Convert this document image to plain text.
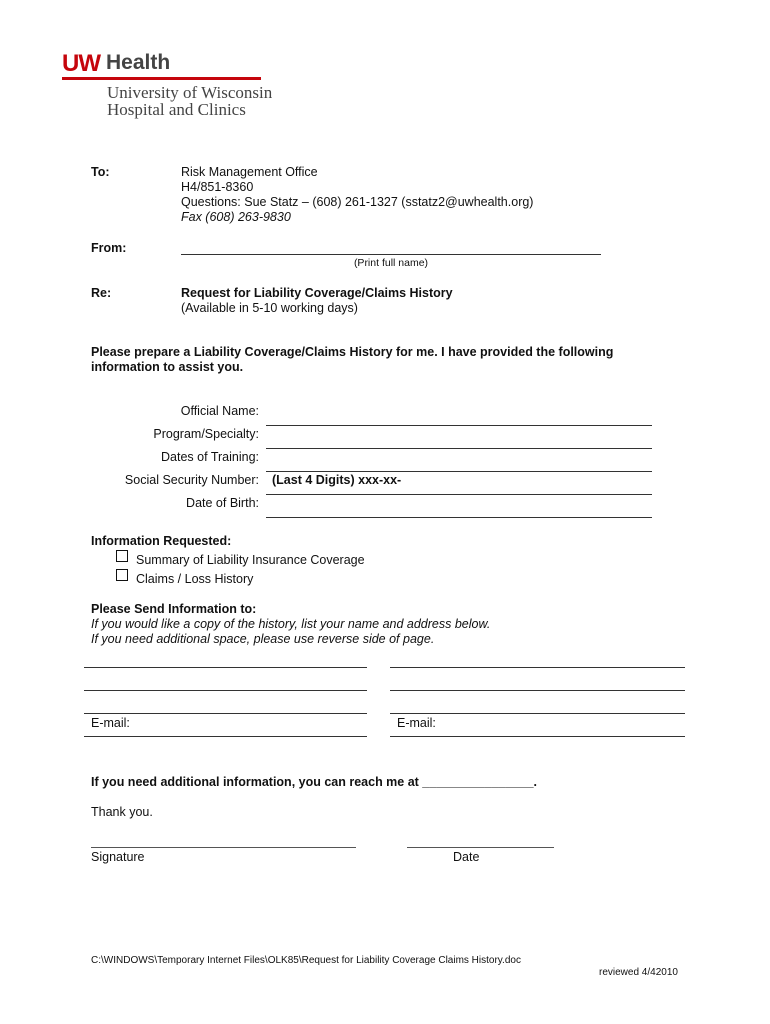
UW Health
University of Wisconsin
Hospital and Clinics
To:	Risk Management Office
H4/851-8360
Questions: Sue Statz – (608) 261-1327 (sstatz2@uwhealth.org)
Fax (608) 263-9830
From:
(Print full name)
Re:	Request for Liability Coverage/Claims History
(Available in 5-10 working days)
Please prepare a Liability Coverage/Claims History for me. I have provided the following
information to assist you.
Official Name:
Program/Specialty:
Dates of Training:
Social Security Number: (Last 4 Digits) xxx-xx-
Date of Birth:
Information Requested:
Summary of Liability Insurance Coverage
Claims / Loss History
Please Send Information to:
If you would like a copy of the history, list your name and address below.
If you need additional space, please use reverse side of page.
E-mail:	E-mail:
If you need additional information, you can reach me at ________________.
Thank you.
Signature	Date
C:\WINDOWS\Temporary Internet Files\OLK85\Request for Liability Coverage Claims History.doc
reviewed 4/42010
